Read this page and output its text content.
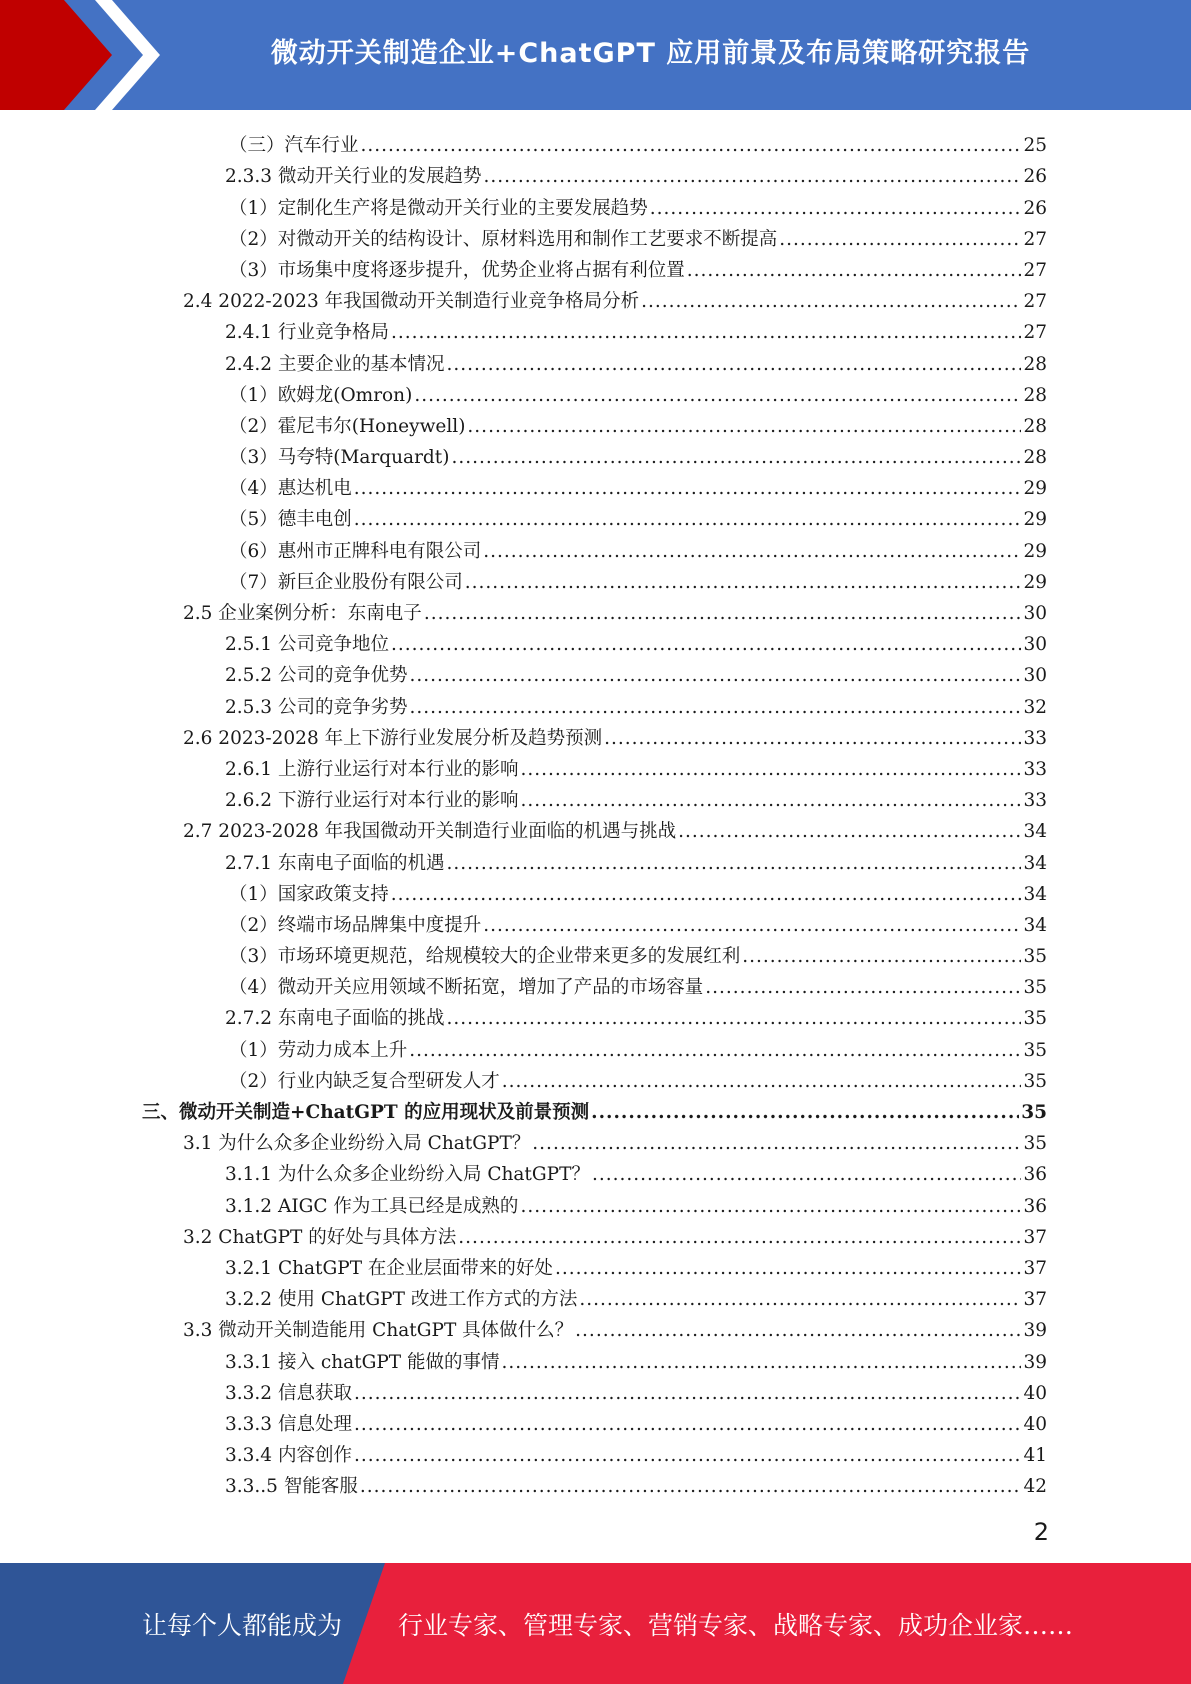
微动开关制造企业+ChatGPT 应用前景及布局策略研究报告
（三）汽车行业 .....	25
2.3.3 微动开关行业的发展趋势 .....	26
（1）定制化生产将是微动开关行业的主要发展趋势 .....	26
（2）对微动开关的结构设计、原材料选用和制作工艺要求不断提高 .....	27
（3）市场集中度将逐步提升，优势企业将占据有利位置 .....	27
2.4 2022-2023 年我国微动开关制造行业竞争格局分析 .....	27
2.4.1 行业竞争格局 .....	27
2.4.2 主要企业的基本情况 .....	28
（1）欧姆龙(Omron) .....	28
（2）霍尼韦尔(Honeywell) .....	28
（3）马夸特(Marquardt) .....	28
（4）惠达机电 .....	29
（5）德丰电创 .....	29
（6）惠州市正牌科电有限公司 .....	29
（7）新巨企业股份有限公司 .....	29
2.5 企业案例分析：东南电子 .....	30
2.5.1 公司竞争地位 .....	30
2.5.2 公司的竞争优势 .....	30
2.5.3 公司的竞争劣势 .....	32
2.6 2023-2028 年上下游行业发展分析及趋势预测 .....	33
2.6.1 上游行业运行对本行业的影响 .....	33
2.6.2 下游行业运行对本行业的影响 .....	33
2.7 2023-2028 年我国微动开关制造行业面临的机遇与挑战 .....	34
2.7.1 东南电子面临的机遇 .....	34
（1）国家政策支持 .....	34
（2）终端市场品牌集中度提升 .....	34
（3）市场环境更规范，给规模较大的企业带来更多的发展红利 .....	35
（4）微动开关应用领域不断拓宽，增加了产品的市场容量 .....	35
2.7.2 东南电子面临的挑战 .....	35
（1）劳动力成本上升 .....	35
（2）行业内缺乏复合型研发人才 .....	35
三、微动开关制造+ChatGPT 的应用现状及前景预测 .....	35
3.1 为什么众多企业纷纷入局 ChatGPT？ .....	35
3.1.1 为什么众多企业纷纷入局 ChatGPT？ .....	36
3.1.2 AIGC 作为工具已经是成熟的 .....	36
3.2 ChatGPT 的好处与具体方法 .....	37
3.2.1 ChatGPT 在企业层面带来的好处 .....	37
3.2.2 使用 ChatGPT 改进工作方式的方法 .....	37
3.3 微动开关制造能用 ChatGPT 具体做什么？ .....	39
3.3.1 接入 chatGPT 能做的事情 .....	39
3.3.2 信息获取 .....	40
3.3.3 信息处理 .....	40
3.3.4 内容创作 .....	41
3.3..5 智能客服 .....	42
2
让每个人都能成为 行业专家、管理专家、营销专家、战略专家、成功企业家……
